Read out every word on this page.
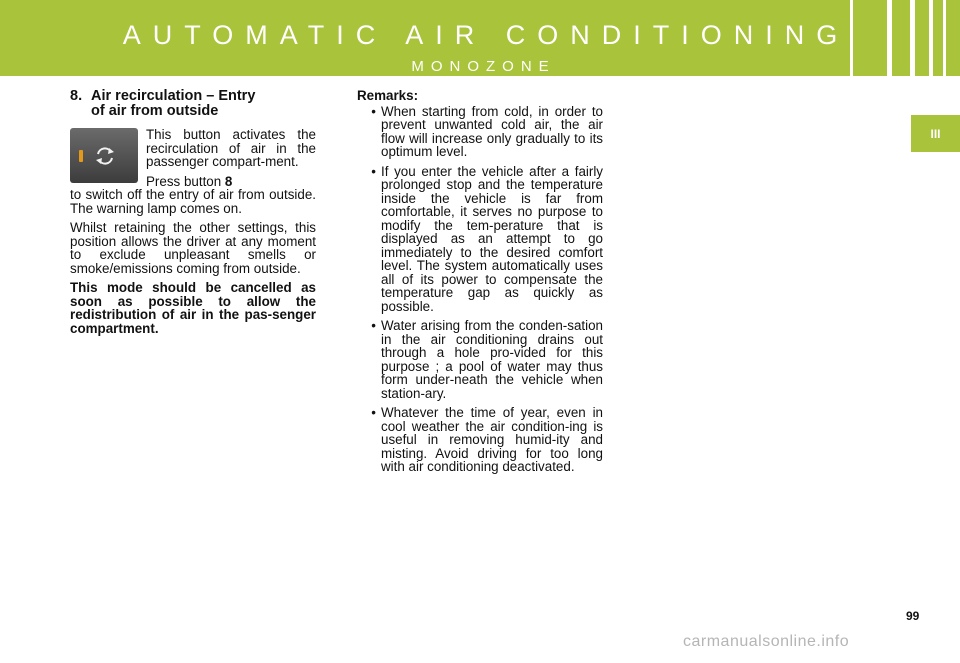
AUTOMATIC AIR CONDITIONING
MONOZONE
III
8. Air recirculation – Entry
of air from outside

This button activates the recirculation of air in the passenger compart-ment.

Press button 8

to switch off the entry of air from outside. The warning lamp comes on.

Whilst retaining the other settings, this position allows the driver at any moment to exclude unpleasant smells or smoke/emissions coming from outside.

This mode should be cancelled as soon as possible to allow the redistribution of air in the pas-senger compartment.

Remarks:
• When starting from cold, in order to prevent unwanted cold air, the air flow will increase only gradually to its optimum level.
• If you enter the vehicle after a fairly prolonged stop and the temperature inside the vehicle is far from comfortable, it serves no purpose to modify the tem-perature that is displayed as an attempt to go immediately to the desired comfort level. The system automatically uses all of its power to compensate the temperature gap as quickly as possible.
• Water arising from the conden-sation in the air conditioning drains out through a hole pro-vided for this purpose ; a pool of water may thus form under-neath the vehicle when station-ary.
• Whatever the time of year, even in cool weather the air condition-ing is useful in removing humid-ity and misting. Avoid driving for too long with air conditioning deactivated.
99
carmanualsonline.info
